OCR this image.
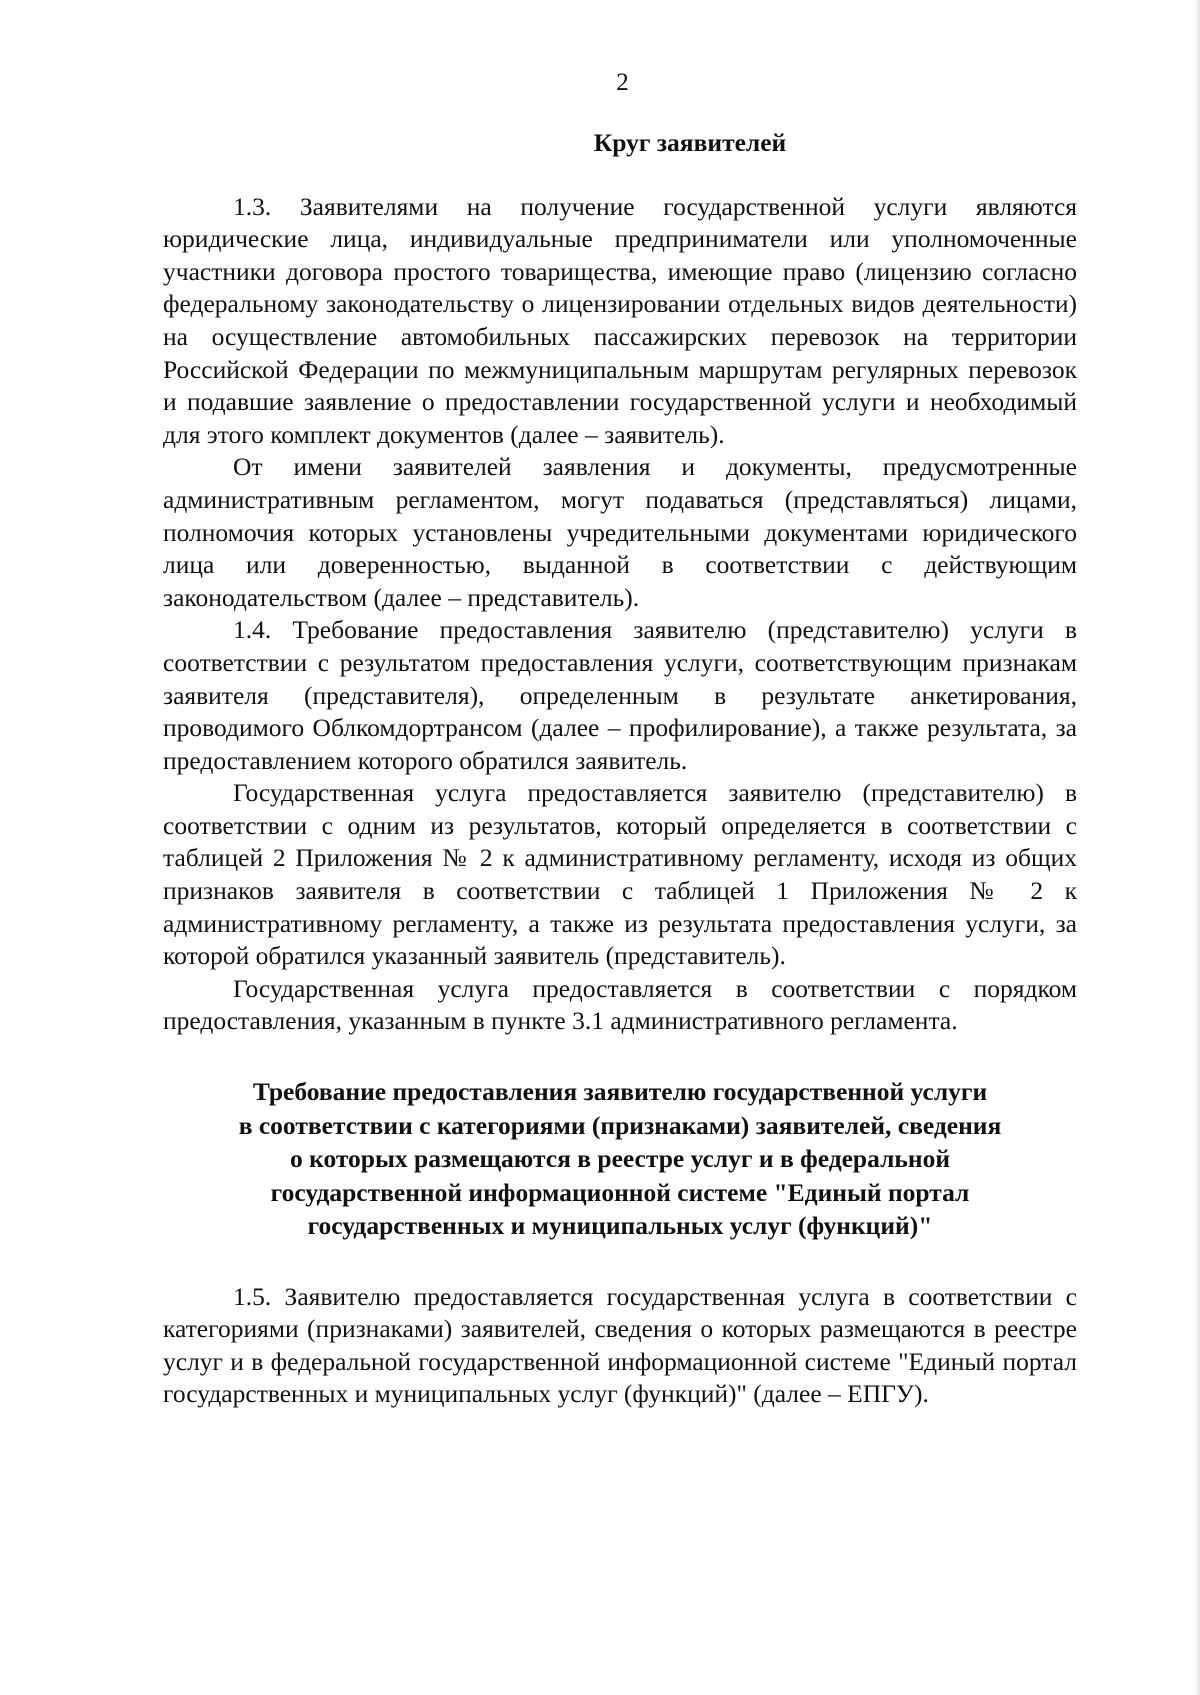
2
Круг заявителей

1.3. Заявителями на получение государственной услуги являются юридические лица, индивидуальные предприниматели или уполномоченные участники договора простого товарищества, имеющие право (лицензию согласно федеральному законодательству о лицензировании отдельных видов деятельности) на осуществление автомобильных пассажирских перевозок на территории Российской Федерации по межмуниципальным маршрутам регулярных перевозок и подавшие заявление о предоставлении государственной услуги и необходимый для этого комплект документов (далее – заявитель).

От имени заявителей заявления и документы, предусмотренные административным регламентом, могут подаваться (представляться) лицами, полномочия которых установлены учредительными документами юридического лица или доверенностью, выданной в соответствии с действующим законодательством (далее – представитель).

1.4. Требование предоставления заявителю (представителю) услуги в соответствии с результатом предоставления услуги, соответствующим признакам заявителя (представителя), определенным в результате анкетирования, проводимого Облкомдортрансом (далее – профилирование), а также результата, за предоставлением которого обратился заявитель.

Государственная услуга предоставляется заявителю (представителю) в соответствии с одним из результатов, который определяется в соответствии с таблицей 2 Приложения № 2 к административному регламенту, исходя из общих признаков заявителя в соответствии с таблицей 1 Приложения № 2 к административному регламенту, а также из результата предоставления услуги, за которой обратился указанный заявитель (представитель).

Государственная услуга предоставляется в соответствии с порядком предоставления, указанным в пункте 3.1 административного регламента.

Требование предоставления заявителю государственной услуги
в соответствии с категориями (признаками) заявителей, сведения
о которых размещаются в реестре услуг и в федеральной
государственной информационной системе "Единый портал
государственных и муниципальных услуг (функций)"

1.5. Заявителю предоставляется государственная услуга в соответствии с категориями (признаками) заявителей, сведения о которых размещаются в реестре услуг и в федеральной государственной информационной системе "Единый портал государственных и муниципальных услуг (функций)" (далее – ЕПГУ).
